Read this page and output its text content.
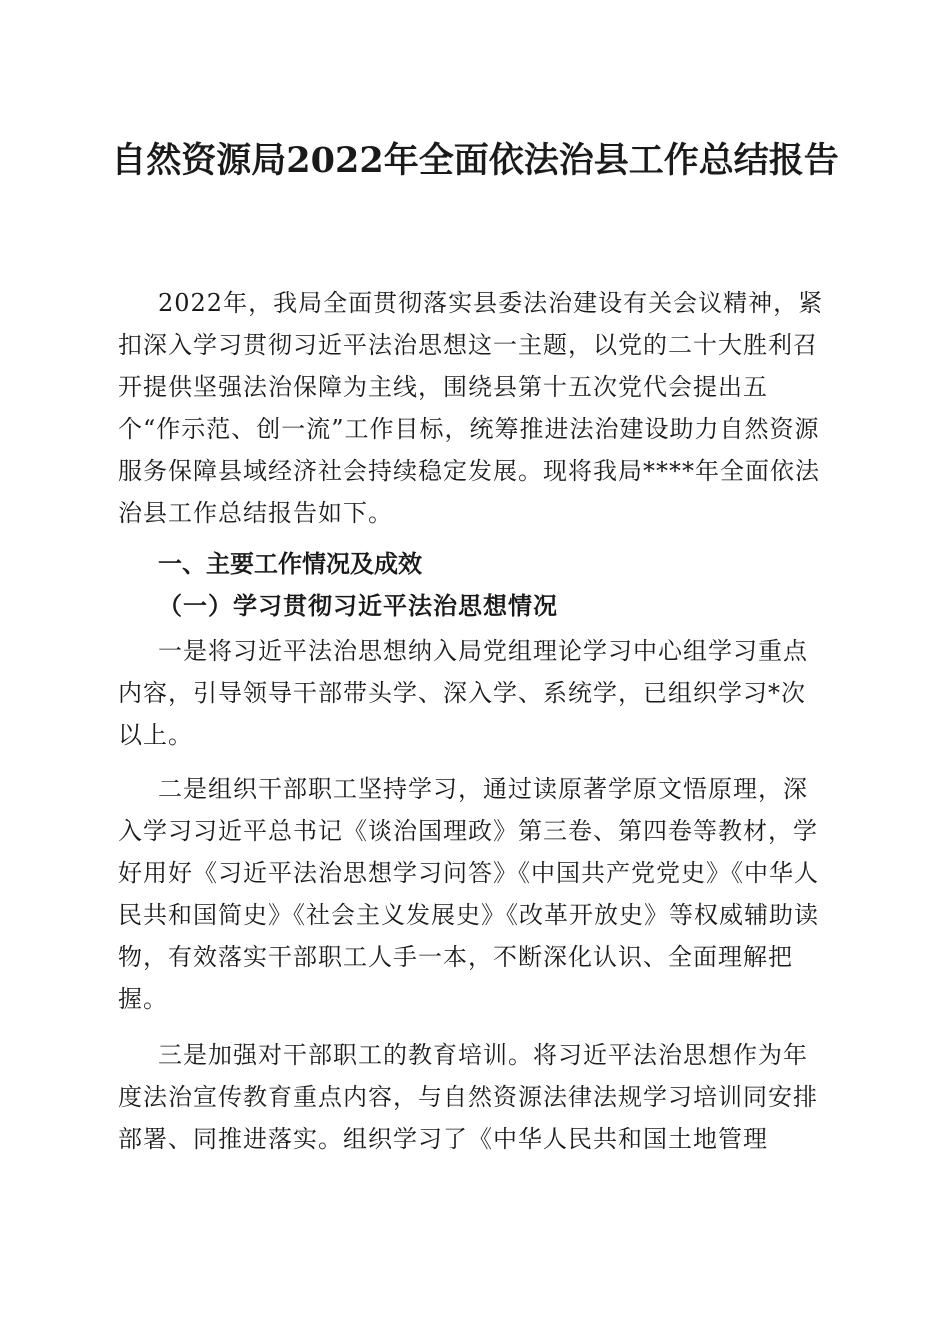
自然资源局2022年全面依法治县工作总结报告

2022年，我局全面贯彻落实县委法治建设有关会议精神，紧扣深入学习贯彻习近平法治思想这一主题，以党的二十大胜利召开提供坚强法治保障为主线，围绕县第十五次党代会提出五个“作示范、创一流”工作目标，统筹推进法治建设助力自然资源服务保障县域经济社会持续稳定发展。现将我局****年全面依法治县工作总结报告如下。

一、主要工作情况及成效
（一）学习贯彻习近平法治思想情况

一是将习近平法治思想纳入局党组理论学习中心组学习重点内容，引导领导干部带头学、深入学、系统学，已组织学习*次以上。

二是组织干部职工坚持学习，通过读原著学原文悟原理，深入学习习近平总书记《谈治国理政》第三卷、第四卷等教材，学好用好《习近平法治思想学习问答》《中国共产党党史》《中华人民共和国简史》《社会主义发展史》《改革开放史》等权威辅助读物，有效落实干部职工人手一本，不断深化认识、全面理解把握。

三是加强对干部职工的教育培训。将习近平法治思想作为年度法治宣传教育重点内容，与自然资源法律法规学习培训同安排部署、同推进落实。组织学习了《中华人民共和国土地管理
